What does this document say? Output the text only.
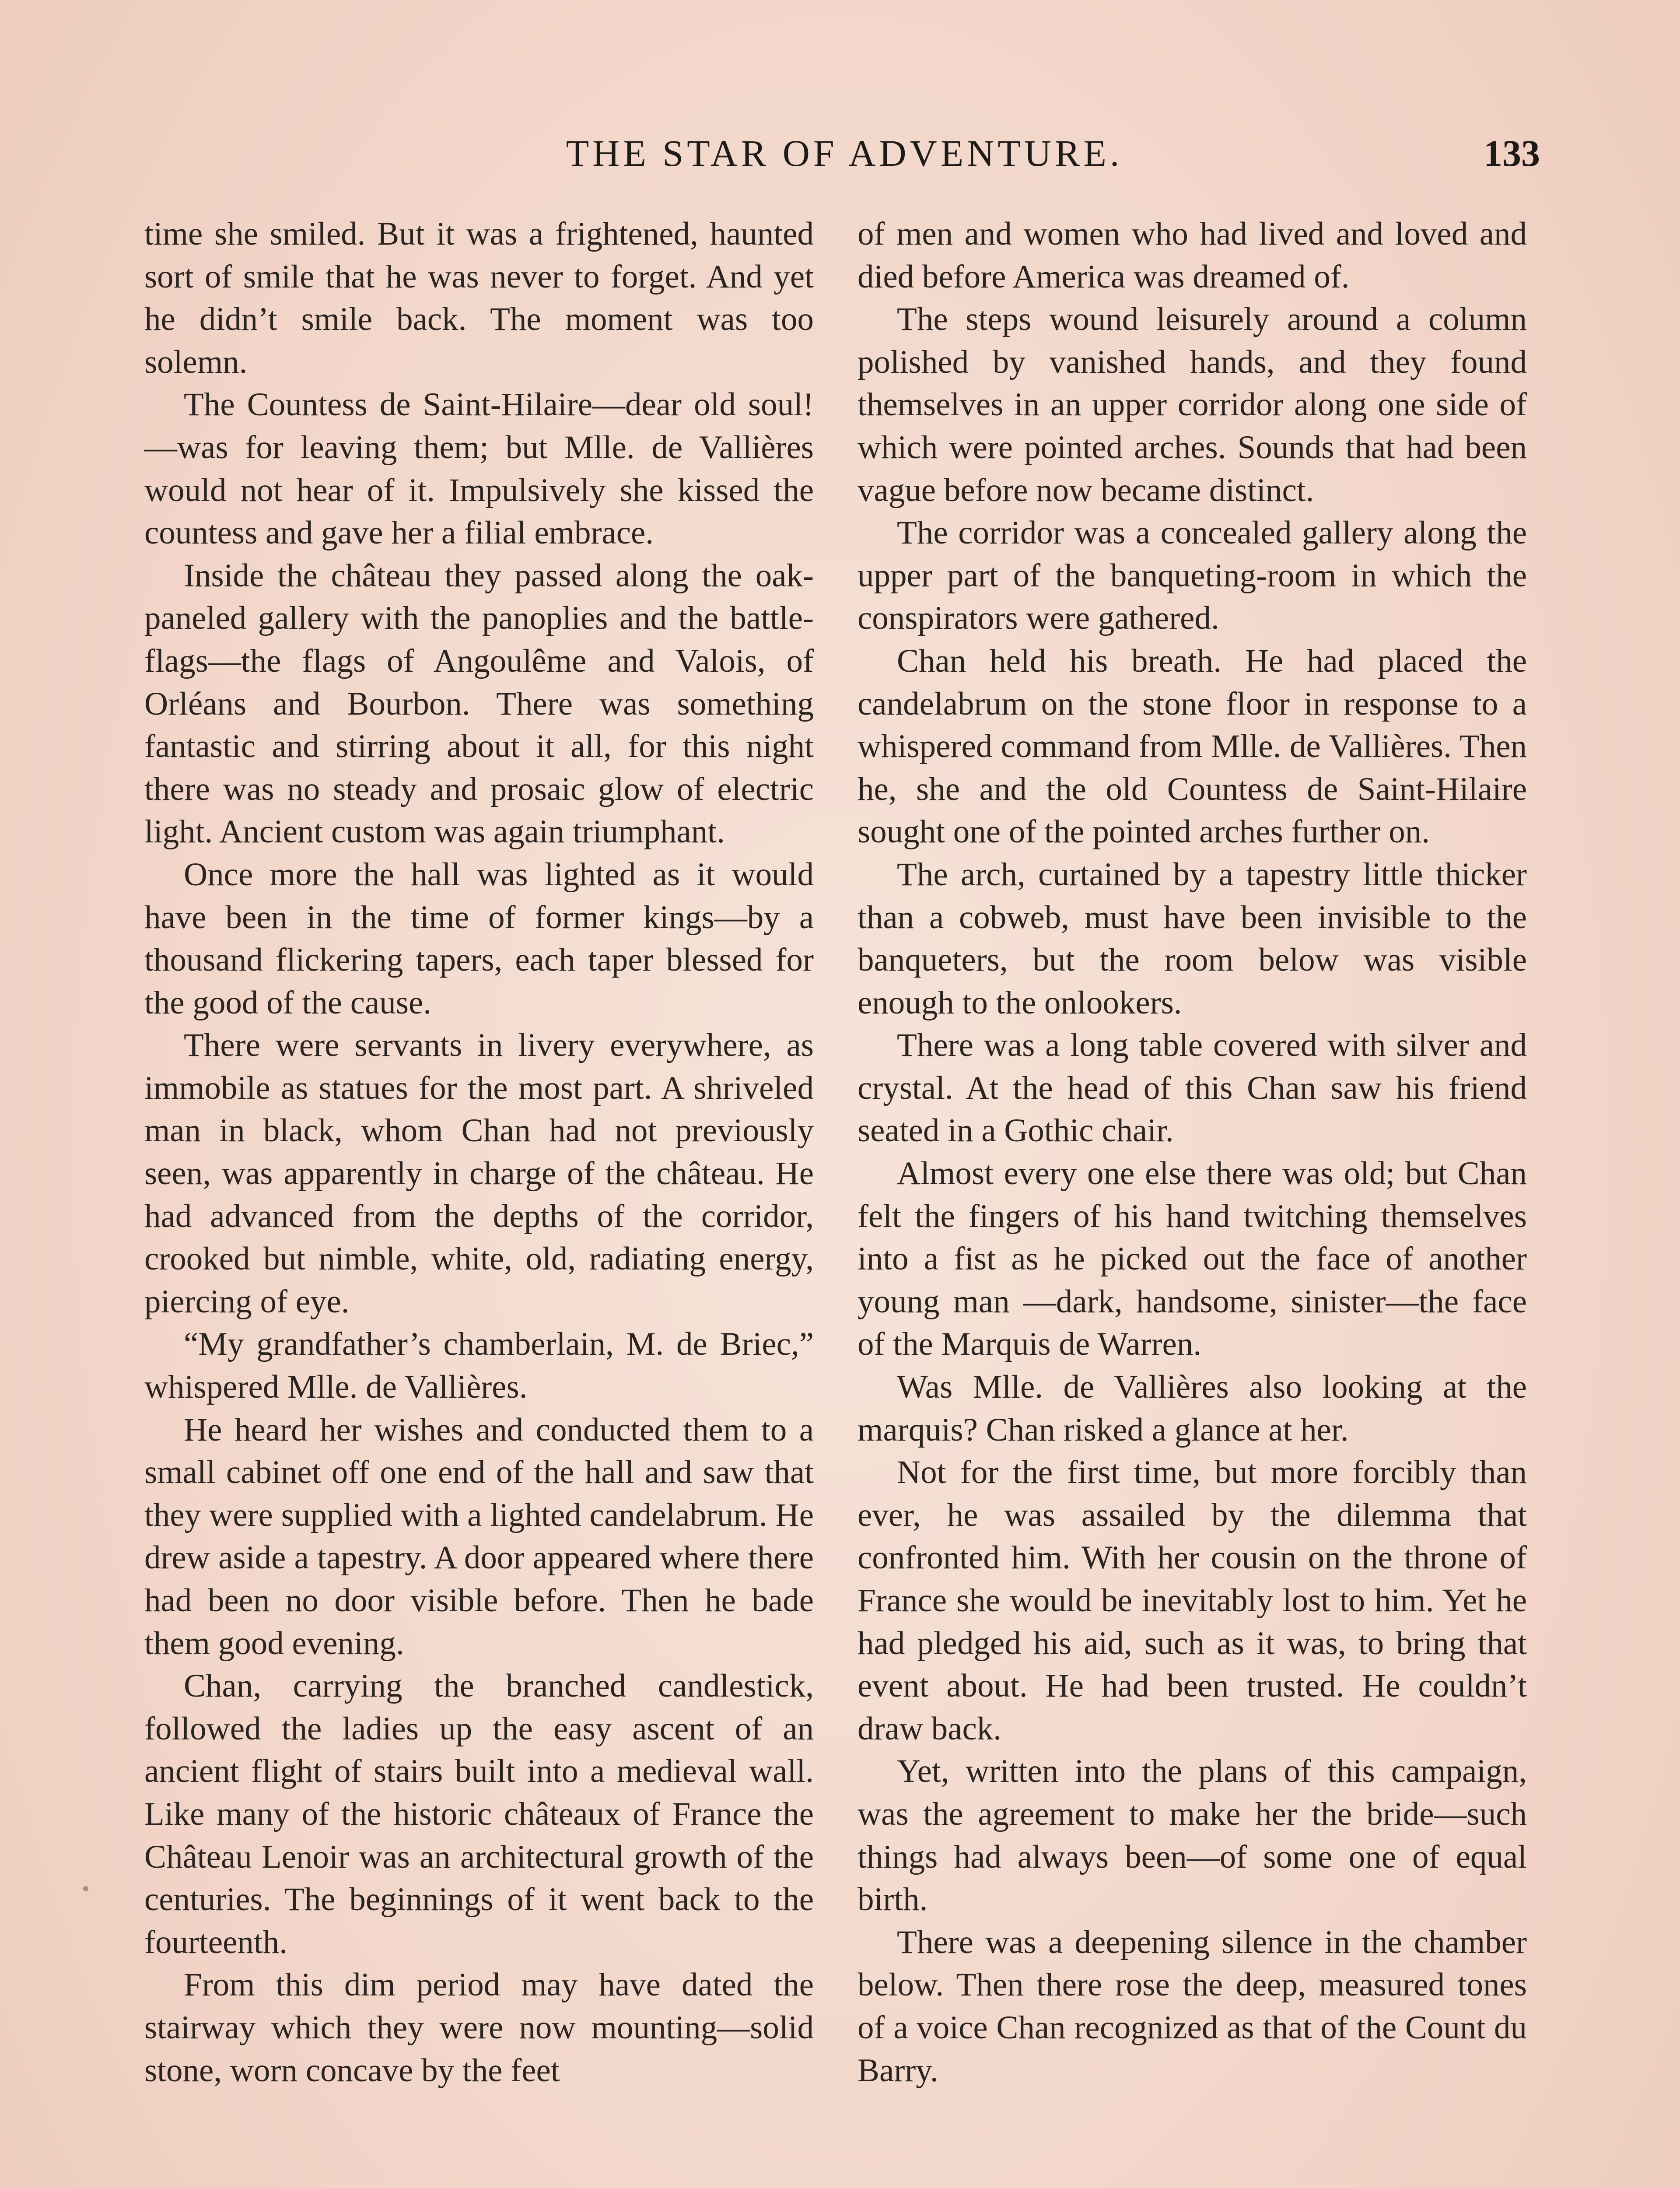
THE STAR OF ADVENTURE.	133

time she smiled. But it was a frightened, haunted sort of smile that he was never to forget. And yet he didn’t smile back. The moment was too solemn.

The Countess de Saint-Hilaire—dear old soul!—was for leaving them; but Mlle. de Vallières would not hear of it. Impulsively she kissed the countess and gave her a filial embrace.

Inside the château they passed along the oak-paneled gallery with the panoplies and the battle-flags—the flags of Angoulême and Valois, of Orléans and Bourbon. There was something fantastic and stirring about it all, for this night there was no steady and prosaic glow of electric light. Ancient custom was again triumphant.

Once more the hall was lighted as it would have been in the time of former kings—by a thousand flickering tapers, each taper blessed for the good of the cause.

There were servants in livery everywhere, as immobile as statues for the most part. A shriveled man in black, whom Chan had not previously seen, was apparently in charge of the château. He had advanced from the depths of the corridor, crooked but nimble, white, old, radiating energy, piercing of eye.

“My grandfather’s chamberlain, M. de Briec,” whispered Mlle. de Vallières.

He heard her wishes and conducted them to a small cabinet off one end of the hall and saw that they were supplied with a lighted candelabrum. He drew aside a tapestry. A door appeared where there had been no door visible before. Then he bade them good evening.

Chan, carrying the branched candlestick, followed the ladies up the easy ascent of an ancient flight of stairs built into a medieval wall. Like many of the historic châteaux of France the Château Lenoir was an architectural growth of the centuries. The beginnings of it went back to the fourteenth.

From this dim period may have dated the stairway which they were now mounting—solid stone, worn concave by the feet

of men and women who had lived and loved and died before America was dreamed of.

The steps wound leisurely around a column polished by vanished hands, and they found themselves in an upper corridor along one side of which were pointed arches. Sounds that had been vague before now became distinct.

The corridor was a concealed gallery along the upper part of the banqueting-room in which the conspirators were gathered.

Chan held his breath. He had placed the candelabrum on the stone floor in response to a whispered command from Mlle. de Vallières. Then he, she and the old Countess de Saint-Hilaire sought one of the pointed arches further on.

The arch, curtained by a tapestry little thicker than a cobweb, must have been invisible to the banqueters, but the room below was visible enough to the onlookers.

There was a long table covered with silver and crystal. At the head of this Chan saw his friend seated in a Gothic chair.

Almost every one else there was old; but Chan felt the fingers of his hand twitching themselves into a fist as he picked out the face of another young man —dark, handsome, sinister—the face of the Marquis de Warren.

Was Mlle. de Vallières also looking at the marquis? Chan risked a glance at her.

Not for the first time, but more forcibly than ever, he was assailed by the dilemma that confronted him. With her cousin on the throne of France she would be inevitably lost to him. Yet he had pledged his aid, such as it was, to bring that event about. He had been trusted. He couldn’t draw back.

Yet, written into the plans of this campaign, was the agreement to make her the bride—such things had always been—of some one of equal birth.

There was a deepening silence in the chamber below. Then there rose the deep, measured tones of a voice Chan recognized as that of the Count du Barry.
